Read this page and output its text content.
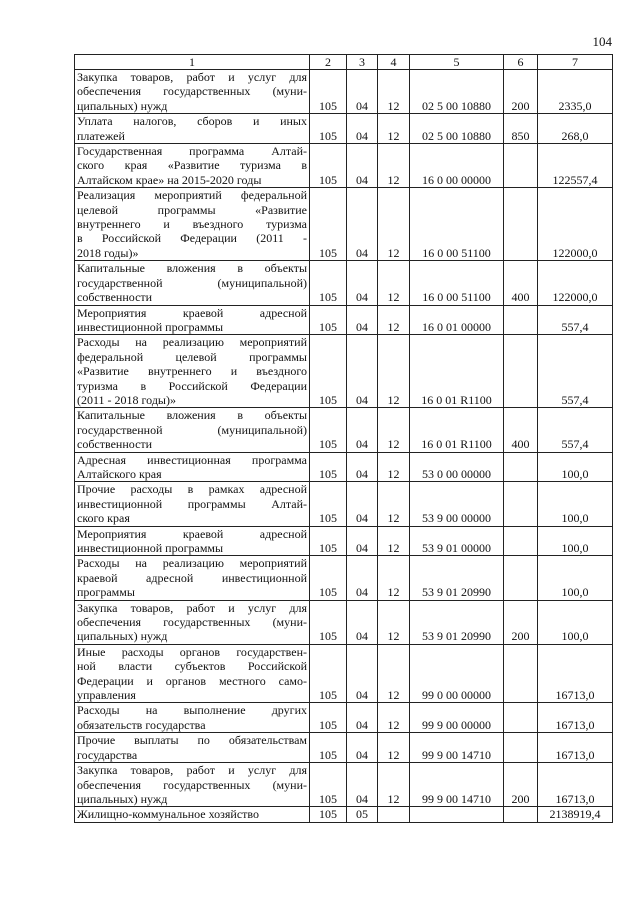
104
1	2	3	4	5	6	7

Закупка товаров, работ и услуг для
обеспечения государственных (муни-
ципальных) нужд	105	04	12	02 5 00 10880	200	2335,0

Уплата налогов, сборов и иных
платежей	105	04	12	02 5 00 10880	850	268,0

Государственная программа Алтай-
ского края «Развитие туризма в
Алтайском крае» на 2015-2020 годы	105	04	12	16 0 00 00000		122557,4

Реализация мероприятий федеральной
целевой программы «Развитие
внутреннего и въездного туризма
в Российской Федерации (2011 -
2018 годы)»	105	04	12	16 0 00 51100		122000,0

Капитальные вложения в объекты
государственной (муниципальной)
собственности	105	04	12	16 0 00 51100	400	122000,0

Мероприятия краевой адресной
инвестиционной программы	105	04	12	16 0 01 00000		557,4

Расходы на реализацию мероприятий
федеральной целевой программы
«Развитие внутреннего и въездного
туризма в Российской Федерации
(2011 - 2018 годы)»	105	04	12	16 0 01 R1100		557,4

Капитальные вложения в объекты
государственной (муниципальной)
собственности	105	04	12	16 0 01 R1100	400	557,4

Адресная инвестиционная программа
Алтайского края	105	04	12	53 0 00 00000		100,0

Прочие расходы в рамках адресной
инвестиционной программы Алтай-
ского края	105	04	12	53 9 00 00000		100,0

Мероприятия краевой адресной
инвестиционной программы	105	04	12	53 9 01 00000		100,0

Расходы на реализацию мероприятий
краевой адресной инвестиционной
программы	105	04	12	53 9 01 20990		100,0

Закупка товаров, работ и услуг для
обеспечения государственных (муни-
ципальных) нужд	105	04	12	53 9 01 20990	200	100,0

Иные расходы органов государствен-
ной власти субъектов Российской
Федерации и органов местного само-
управления	105	04	12	99 0 00 00000		16713,0

Расходы на выполнение других
обязательств государства	105	04	12	99 9 00 00000		16713,0

Прочие выплаты по обязательствам
государства	105	04	12	99 9 00 14710		16713,0

Закупка товаров, работ и услуг для
обеспечения государственных (муни-
ципальных) нужд	105	04	12	99 9 00 14710	200	16713,0

Жилищно-коммунальное хозяйство	105	05				2138919,4
